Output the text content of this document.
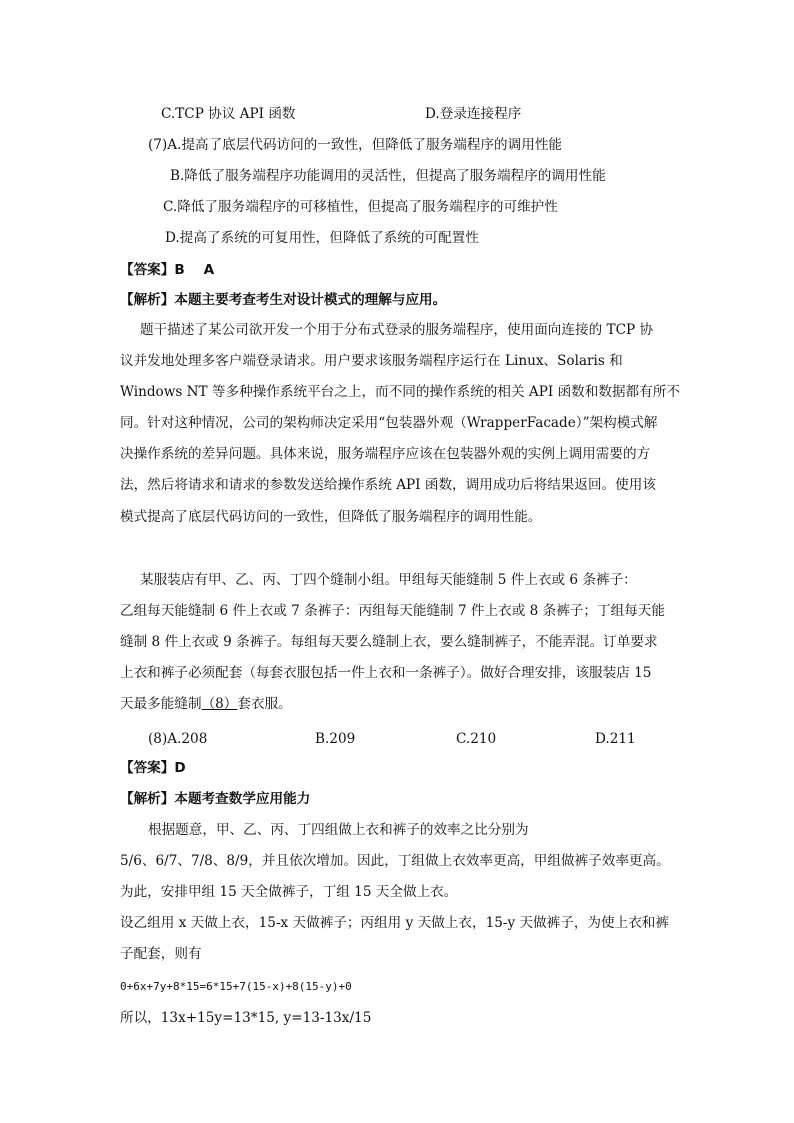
C.TCP 协议 API 函数	D.登录连接程序
(7)A.提高了底层代码访问的一致性，但降低了服务端程序的调用性能
B.降低了服务端程序功能调用的灵活性，但提高了服务端程序的调用性能
C.降低了服务端程序的可移植性，但提高了服务端程序的可维护性
D.提高了系统的可复用性，但降低了系统的可配置性
【答案】B    A
【解析】本题主要考查考生对设计模式的理解与应用。
题干描述了某公司欲开发一个用于分布式登录的服务端程序，使用面向连接的 TCP 协
议并发地处理多客户端登录请求。用户要求该服务端程序运行在 Linux、Solaris 和
Windows NT 等多种操作系统平台之上，而不同的操作系统的相关 API 函数和数据都有所不
同。针对这种情况，公司的架构师决定采用“包装器外观（WrapperFacade）”架构模式解
决操作系统的差异问题。具体来说，服务端程序应该在包装器外观的实例上调用需要的方
法，然后将请求和请求的参数发送给操作系统 API 函数，调用成功后将结果返回。使用该
模式提高了底层代码访问的一致性，但降低了服务端程序的调用性能。
某服装店有甲、乙、丙、丁四个缝制小组。甲组每天能缝制 5 件上衣或 6 条裤子：
乙组每天能缝制 6 件上衣或 7 条裤子：丙组每天能缝制 7 件上衣或 8 条裤子；丁组每天能
缝制 8 件上衣或 9 条裤子。每组每天要么缝制上衣，要么缝制裤子，不能弄混。订单要求
上衣和裤子必须配套（每套衣服包括一件上衣和一条裤子）。做好合理安排，该服装店 15
天最多能缝制（8）套衣服。
(8)A.208	B.209	C.210	D.211
【答案】D
【解析】本题考查数学应用能力
根据题意，甲、乙、丙、丁四组做上衣和裤子的效率之比分别为
5/6、6/7、7/8、8/9，并且依次增加。因此，丁组做上衣效率更高，甲组做裤子效率更高。
为此，安排甲组 15 天全做裤子，丁组 15 天全做上衣。
设乙组用 x 天做上衣，15-x 天做裤子；丙组用 y 天做上衣，15-y 天做裤子，为使上衣和裤
子配套，则有
0+6x+7y+8*15=6*15+7(15-x)+8(15-y)+0
所以，13x+15y=13*15, y=13-13x/15
